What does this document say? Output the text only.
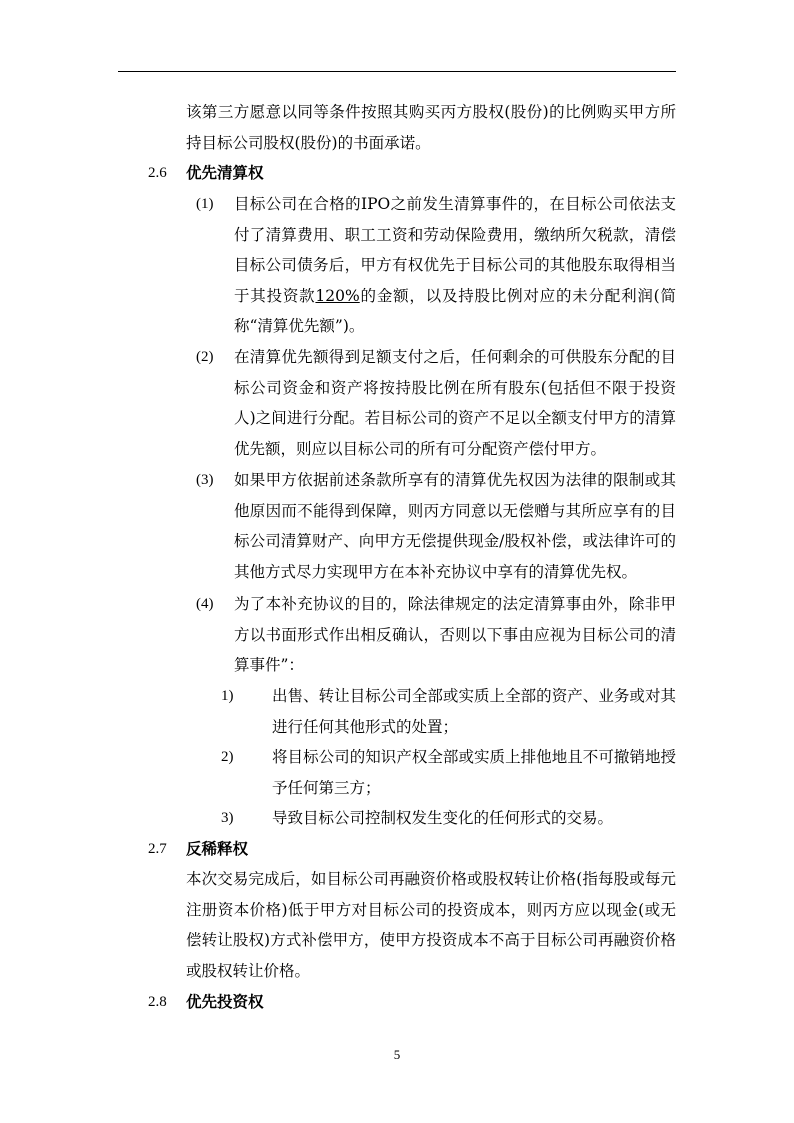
该第三方愿意以同等条件按照其购买丙方股权(股份)的比例购买甲方所持目标公司股权(股份)的书面承诺。

2.6 优先清算权
(1) 目标公司在合格的IPO之前发生清算事件的，在目标公司依法支付了清算费用、职工工资和劳动保险费用，缴纳所欠税款，清偿目标公司债务后，甲方有权优先于目标公司的其他股东取得相当于其投资款120%的金额，以及持股比例对应的未分配利润(简称“清算优先额”)。

(2) 在清算优先额得到足额支付之后，任何剩余的可供股东分配的目标公司资金和资产将按持股比例在所有股东(包括但不限于投资人)之间进行分配。若目标公司的资产不足以全额支付甲方的清算优先额，则应以目标公司的所有可分配资产偿付甲方。

(3) 如果甲方依据前述条款所享有的清算优先权因为法律的限制或其他原因而不能得到保障，则丙方同意以无偿赠与其所应享有的目标公司清算财产、向甲方无偿提供现金/股权补偿，或法律许可的其他方式尽力实现甲方在本补充协议中享有的清算优先权。

(4) 为了本补充协议的目的，除法律规定的法定清算事由外，除非甲方以书面形式作出相反确认，否则以下事由应视为目标公司的清算事件”：

1) 出售、转让目标公司全部或实质上全部的资产、业务或对其进行任何其他形式的处置；

2) 将目标公司的知识产权全部或实质上排他地且不可撤销地授予任何第三方；

3) 导致目标公司控制权发生变化的任何形式的交易。

2.7 反稀释权

本次交易完成后，如目标公司再融资价格或股权转让价格(指每股或每元注册资本价格)低于甲方对目标公司的投资成本，则丙方应以现金(或无偿转让股权)方式补偿甲方，使甲方投资成本不高于目标公司再融资价格或股权转让价格。

2.8 优先投资权
5
